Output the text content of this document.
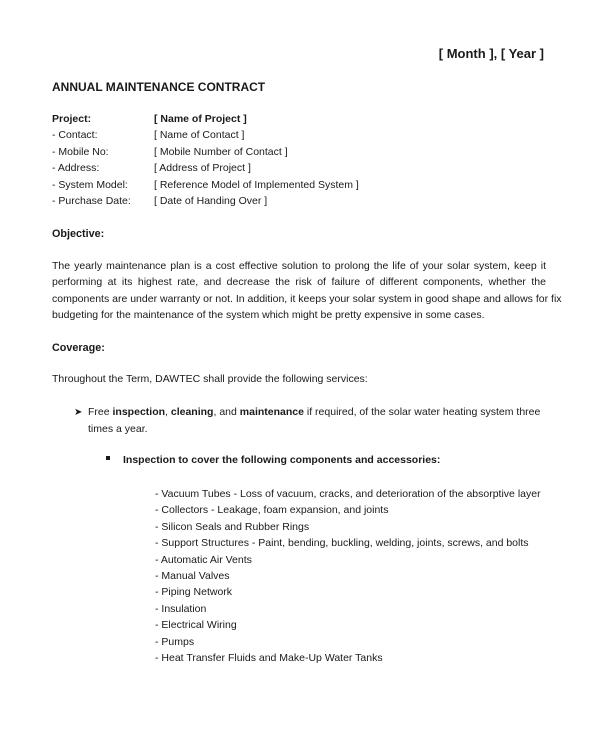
[ Month ], [ Year ]
ANNUAL MAINTENANCE CONTRACT
Project:	[ Name of Project ]
- Contact:	[ Name of Contact ]
- Mobile No:	[ Mobile Number of Contact ]
- Address:	[ Address of Project ]
- System Model:	[ Reference Model of Implemented System ]
- Purchase Date:	[ Date of Handing Over ]
Objective:
The yearly maintenance plan is a cost effective solution to prolong the life of your solar system, keep it
performing at its highest rate, and decrease the risk of failure of different components, whether the
components are under warranty or not. In addition, it keeps your solar system in good shape and allows for fix
budgeting for the maintenance of the system which might be pretty expensive in some cases.
Coverage:
Throughout the Term, DAWTEC shall provide the following services:
➤ Free inspection, cleaning, and maintenance if required, of the solar water heating system three
times a year.
Inspection to cover the following components and accessories:
- Vacuum Tubes - Loss of vacuum, cracks, and deterioration of the absorptive layer
- Collectors - Leakage, foam expansion, and joints
- Silicon Seals and Rubber Rings
- Support Structures - Paint, bending, buckling, welding, joints, screws, and bolts
- Automatic Air Vents
- Manual Valves
- Piping Network
- Insulation
- Electrical Wiring
- Pumps
- Heat Transfer Fluids and Make-Up Water Tanks
